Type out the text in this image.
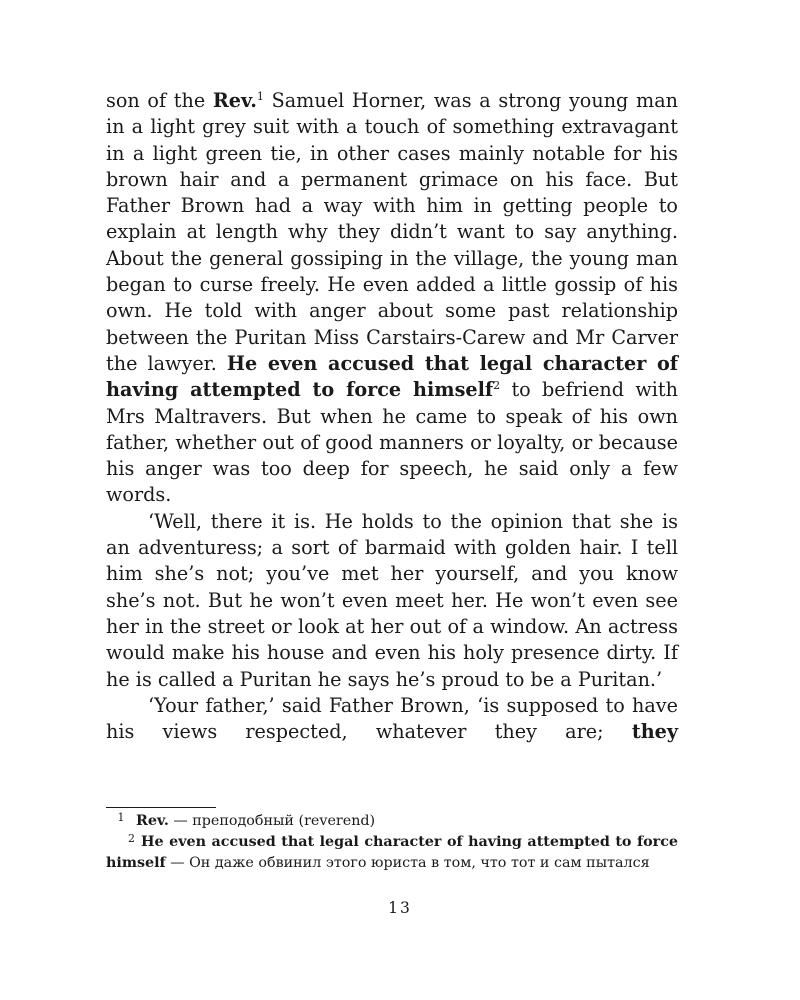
son of the Rev.$^1$ Samuel Horner, was a strong young man in a light grey suit with a touch of something extravagant in a light green tie, in other cases mainly notable for his brown hair and a permanent grimace on his face. But Father Brown had a way with him in getting people to explain at length why they didn’t want to say anything. About the general gossiping in the village, the young man began to curse freely. He even added a little gossip of his own. He told with anger about some past relationship between the Puritan Miss Carstairs-Carew and Mr Carver the lawyer. He even accused that legal character of having attempted to force himself$^2$ to befriend with Mrs Maltravers. But when he came to speak of his own father, whether out of good manners or loyalty, or because his anger was too deep for speech, he said only a few words.

‘Well, there it is. He holds to the opinion that she is an adventuress; a sort of barmaid with golden hair. I tell him she’s not; you’ve met her yourself, and you know she’s not. But he won’t even meet her. He won’t even see her in the street or look at her out of a window. An actress would make his house and even his holy presence dirty. If he is called a Puritan he says he’s proud to be a Puritan.’

‘Your father,’ said Father Brown, ‘is supposed to have his views respected, whatever they are; they

1 Rev. — преподобный (reverend)

$^2$ He even accused that legal character of having attempted to force himself — Он даже обвинил этого юриста в том, что тот и сам пытался

13
